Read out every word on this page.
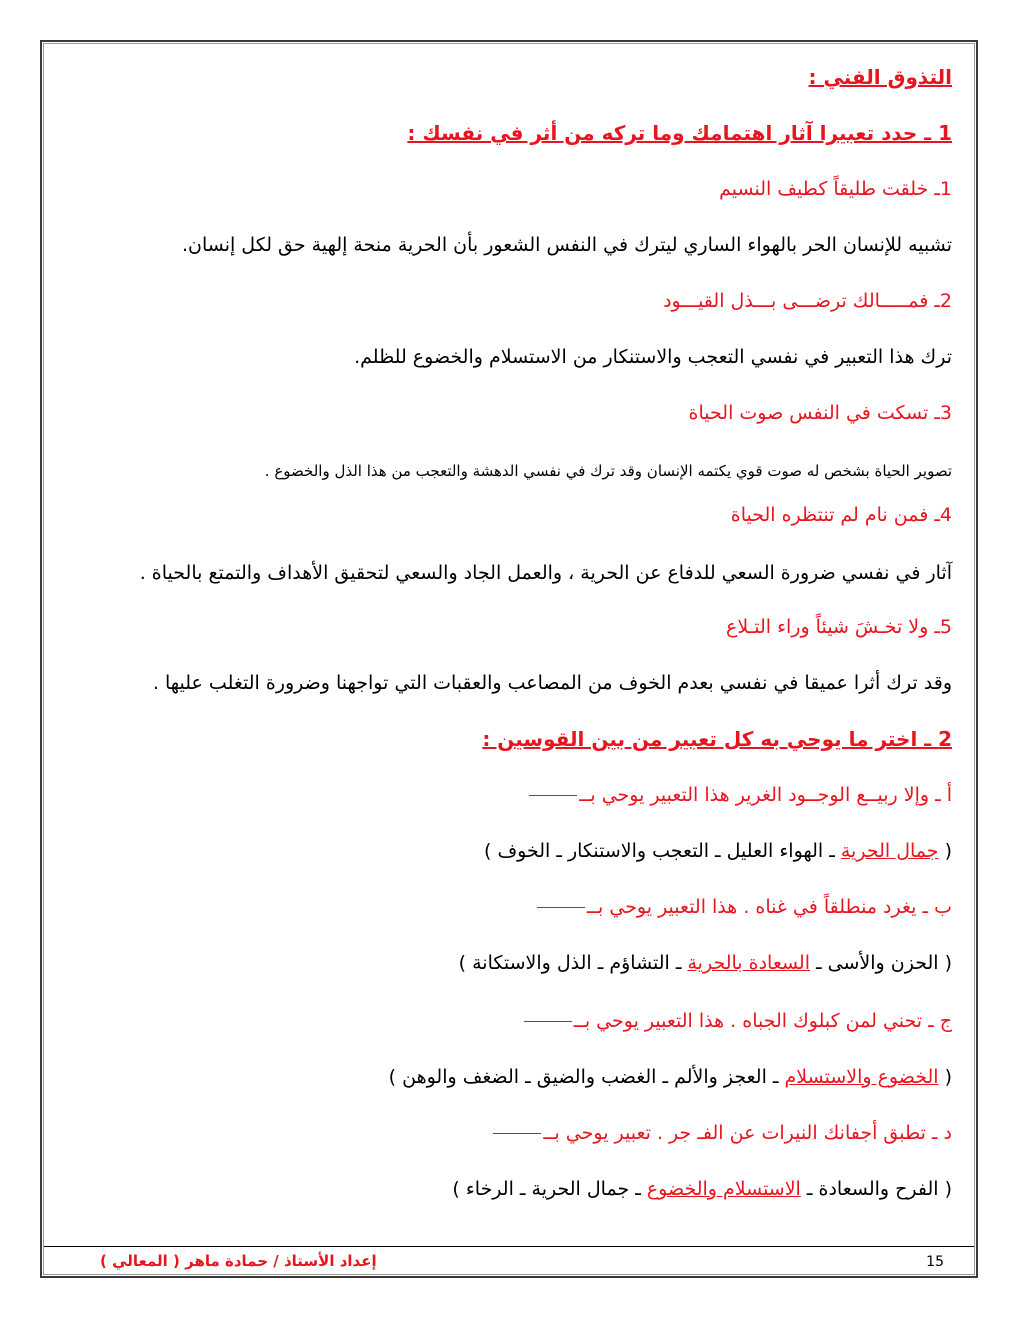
التذوق الفني :
1 ـ حدد تعبيرا آثار اهتمامك وما تركه من أثر في نفسك :
1ـ خلقت طليقاً كطيف النسيم
تشبيه للإنسان الحر بالهواء الساري ليترك في النفس الشعور بأن الحرية منحة إلهية حق لكل إنسان.
2ـ فمـــــالك ترضـــى بـــذل القيـــود
ترك هذا التعبير في نفسي التعجب والاستنكار من الاستسلام والخضوع للظلم.
3ـ تسكت في النفس صوت الحياة
تصوير الحياة بشخص له صوت قوي يكتمه الإنسان وقد ترك في نفسي الدهشة والتعجب من هذا الذل والخضوع .
4ـ فمن نام لم تنتظره الحياة
آثار في نفسي ضرورة السعي للدفاع عن الحرية ، والعمل الجاد والسعي لتحقيق الأهداف والتمتع بالحياة .
5ـ ولا تخـشَ شيئاً وراء التـلاع
وقد ترك أثرا عميقا في نفسي بعدم الخوف من المصاعب والعقبات التي تواجهنا وضرورة التغلب عليها .
2 ـ اختر ما يوحي به كل تعبير من بين القوسين :
أ ـ وإلا ربيــع الوجــود الغرير هذا التعبير يوحي بــ
( جمال الحرية ـ الهواء العليل ـ التعجب والاستنكار ـ الخوف )
ب ـ يغرد منطلقاً في غناه . هذا التعبير يوحي بــ
( الحزن والأسى ـ السعادة بالحرية ـ التشاؤم ـ الذل والاستكانة )
ج ـ تحني لمن كبلوك الجباه . هذا التعبير يوحي بــ
( الخضوع والاستسلام ـ العجز والألم ـ الغضب والضيق ـ الضغف والوهن )
د ـ تطبق أجفانك النيرات عن الفـ جر . تعبير يوحي بــ
( الفرح والسعادة ـ الاستسلام والخضوع ـ جمال الحرية ـ الرخاء )
إعداد الأستاذ / حمادة ماهر ( المعالي )	15
